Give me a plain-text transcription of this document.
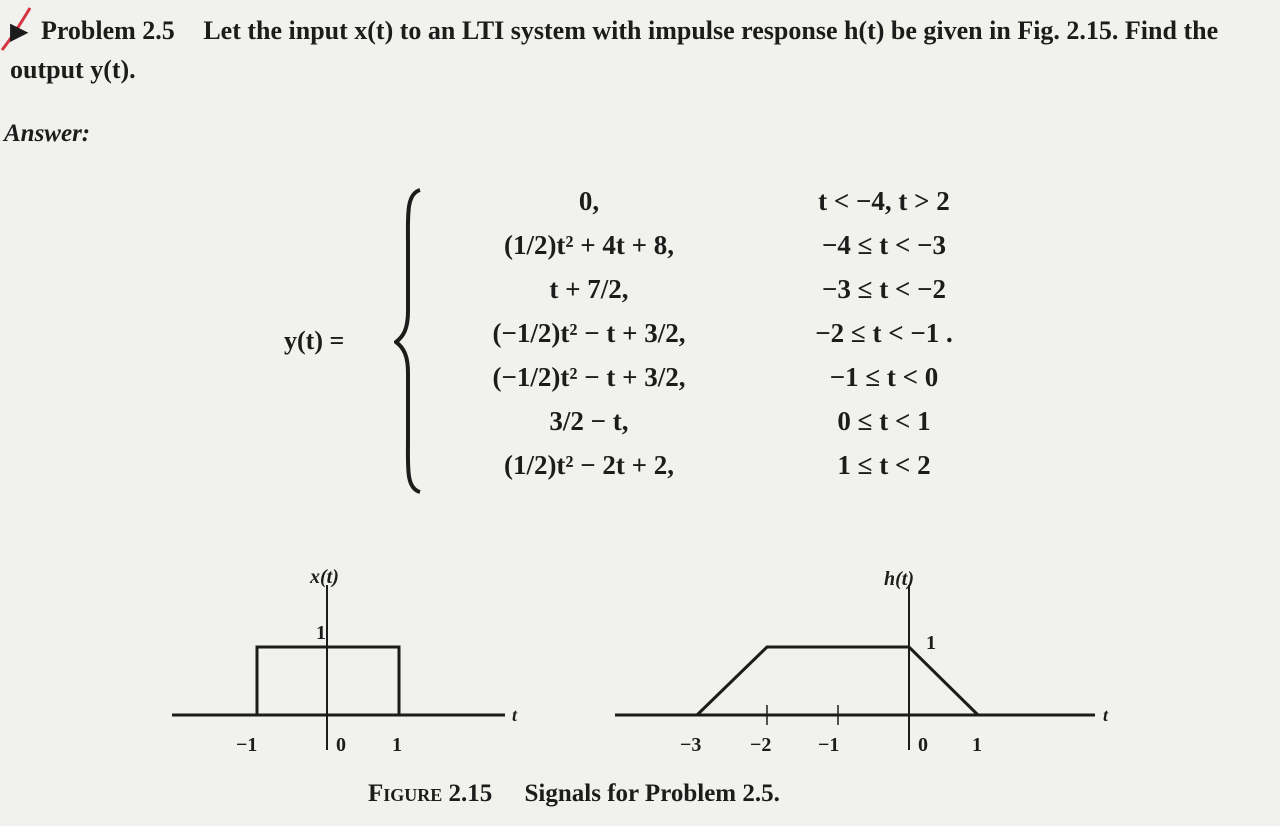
▶ Problem 2.5 Let the input x(t) to an LTI system with impulse response h(t) be given in Fig. 2.15. Find the output y(t).
Answer:
y(t) =
0,	t < −4, t > 2
(1/2)t² + 4t + 8,	−4 ≤ t < −3
t + 7/2,	−3 ≤ t < −2
(−1/2)t² − t + 3/2,	−2 ≤ t < −1 .
(−1/2)t² − t + 3/2,	−1 ≤ t < 0
3/2 − t,	0 ≤ t < 1
(1/2)t² − 2t + 2,	1 ≤ t < 2
x(t)
1
t
−1	0 1
h(t)
1
t
−3 −2 −1	0 1
Figure 2.15 Signals for Problem 2.5.
